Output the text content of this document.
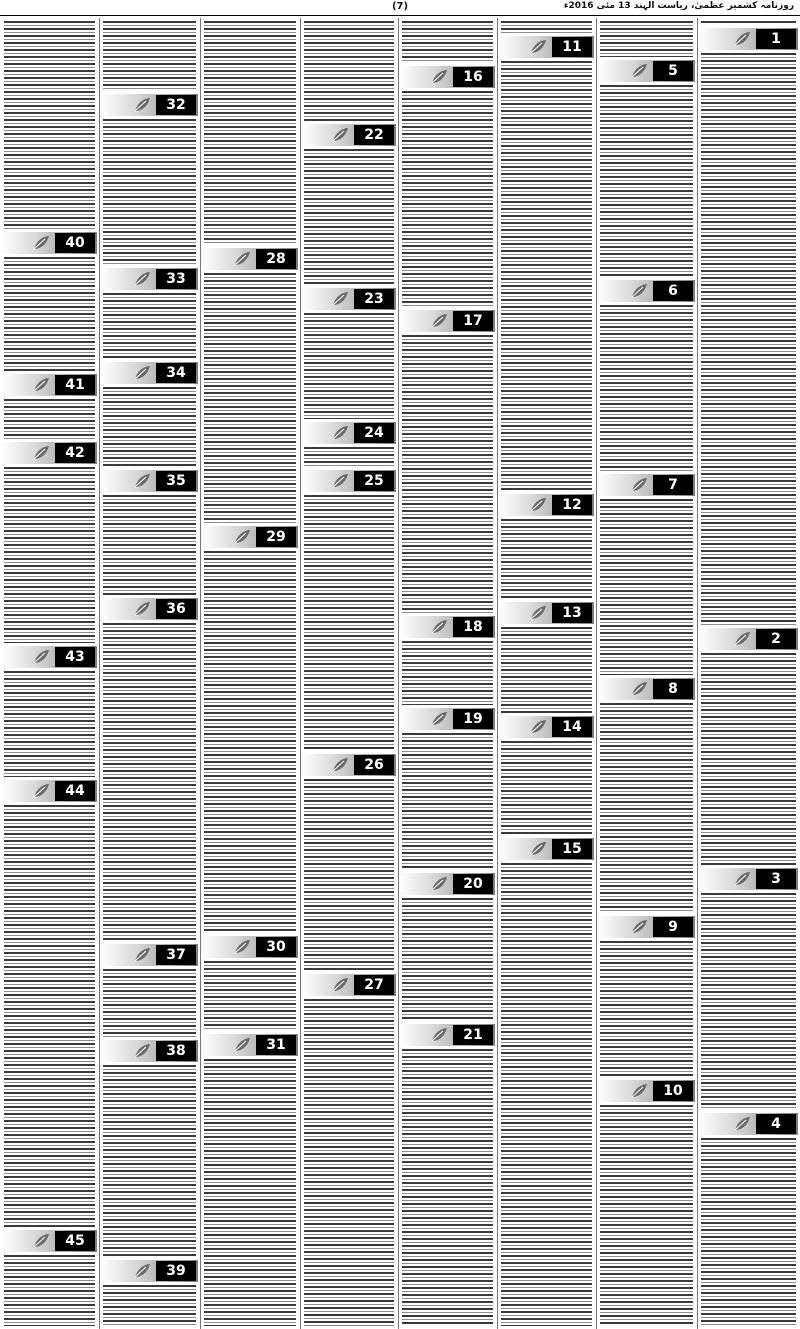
(7)	روزنامہ کشمیر عظمیٰ، ریاست الہند 13 مئی 2016ء
1
2
3
4
5
6
7
8
9
10
11
12
13
14
15
16
17
18
19
20
21
22
23
24
25
26
27
28
29
30
31
32
33
34
35
36
37
38
39
40
41
42
43
44
45
